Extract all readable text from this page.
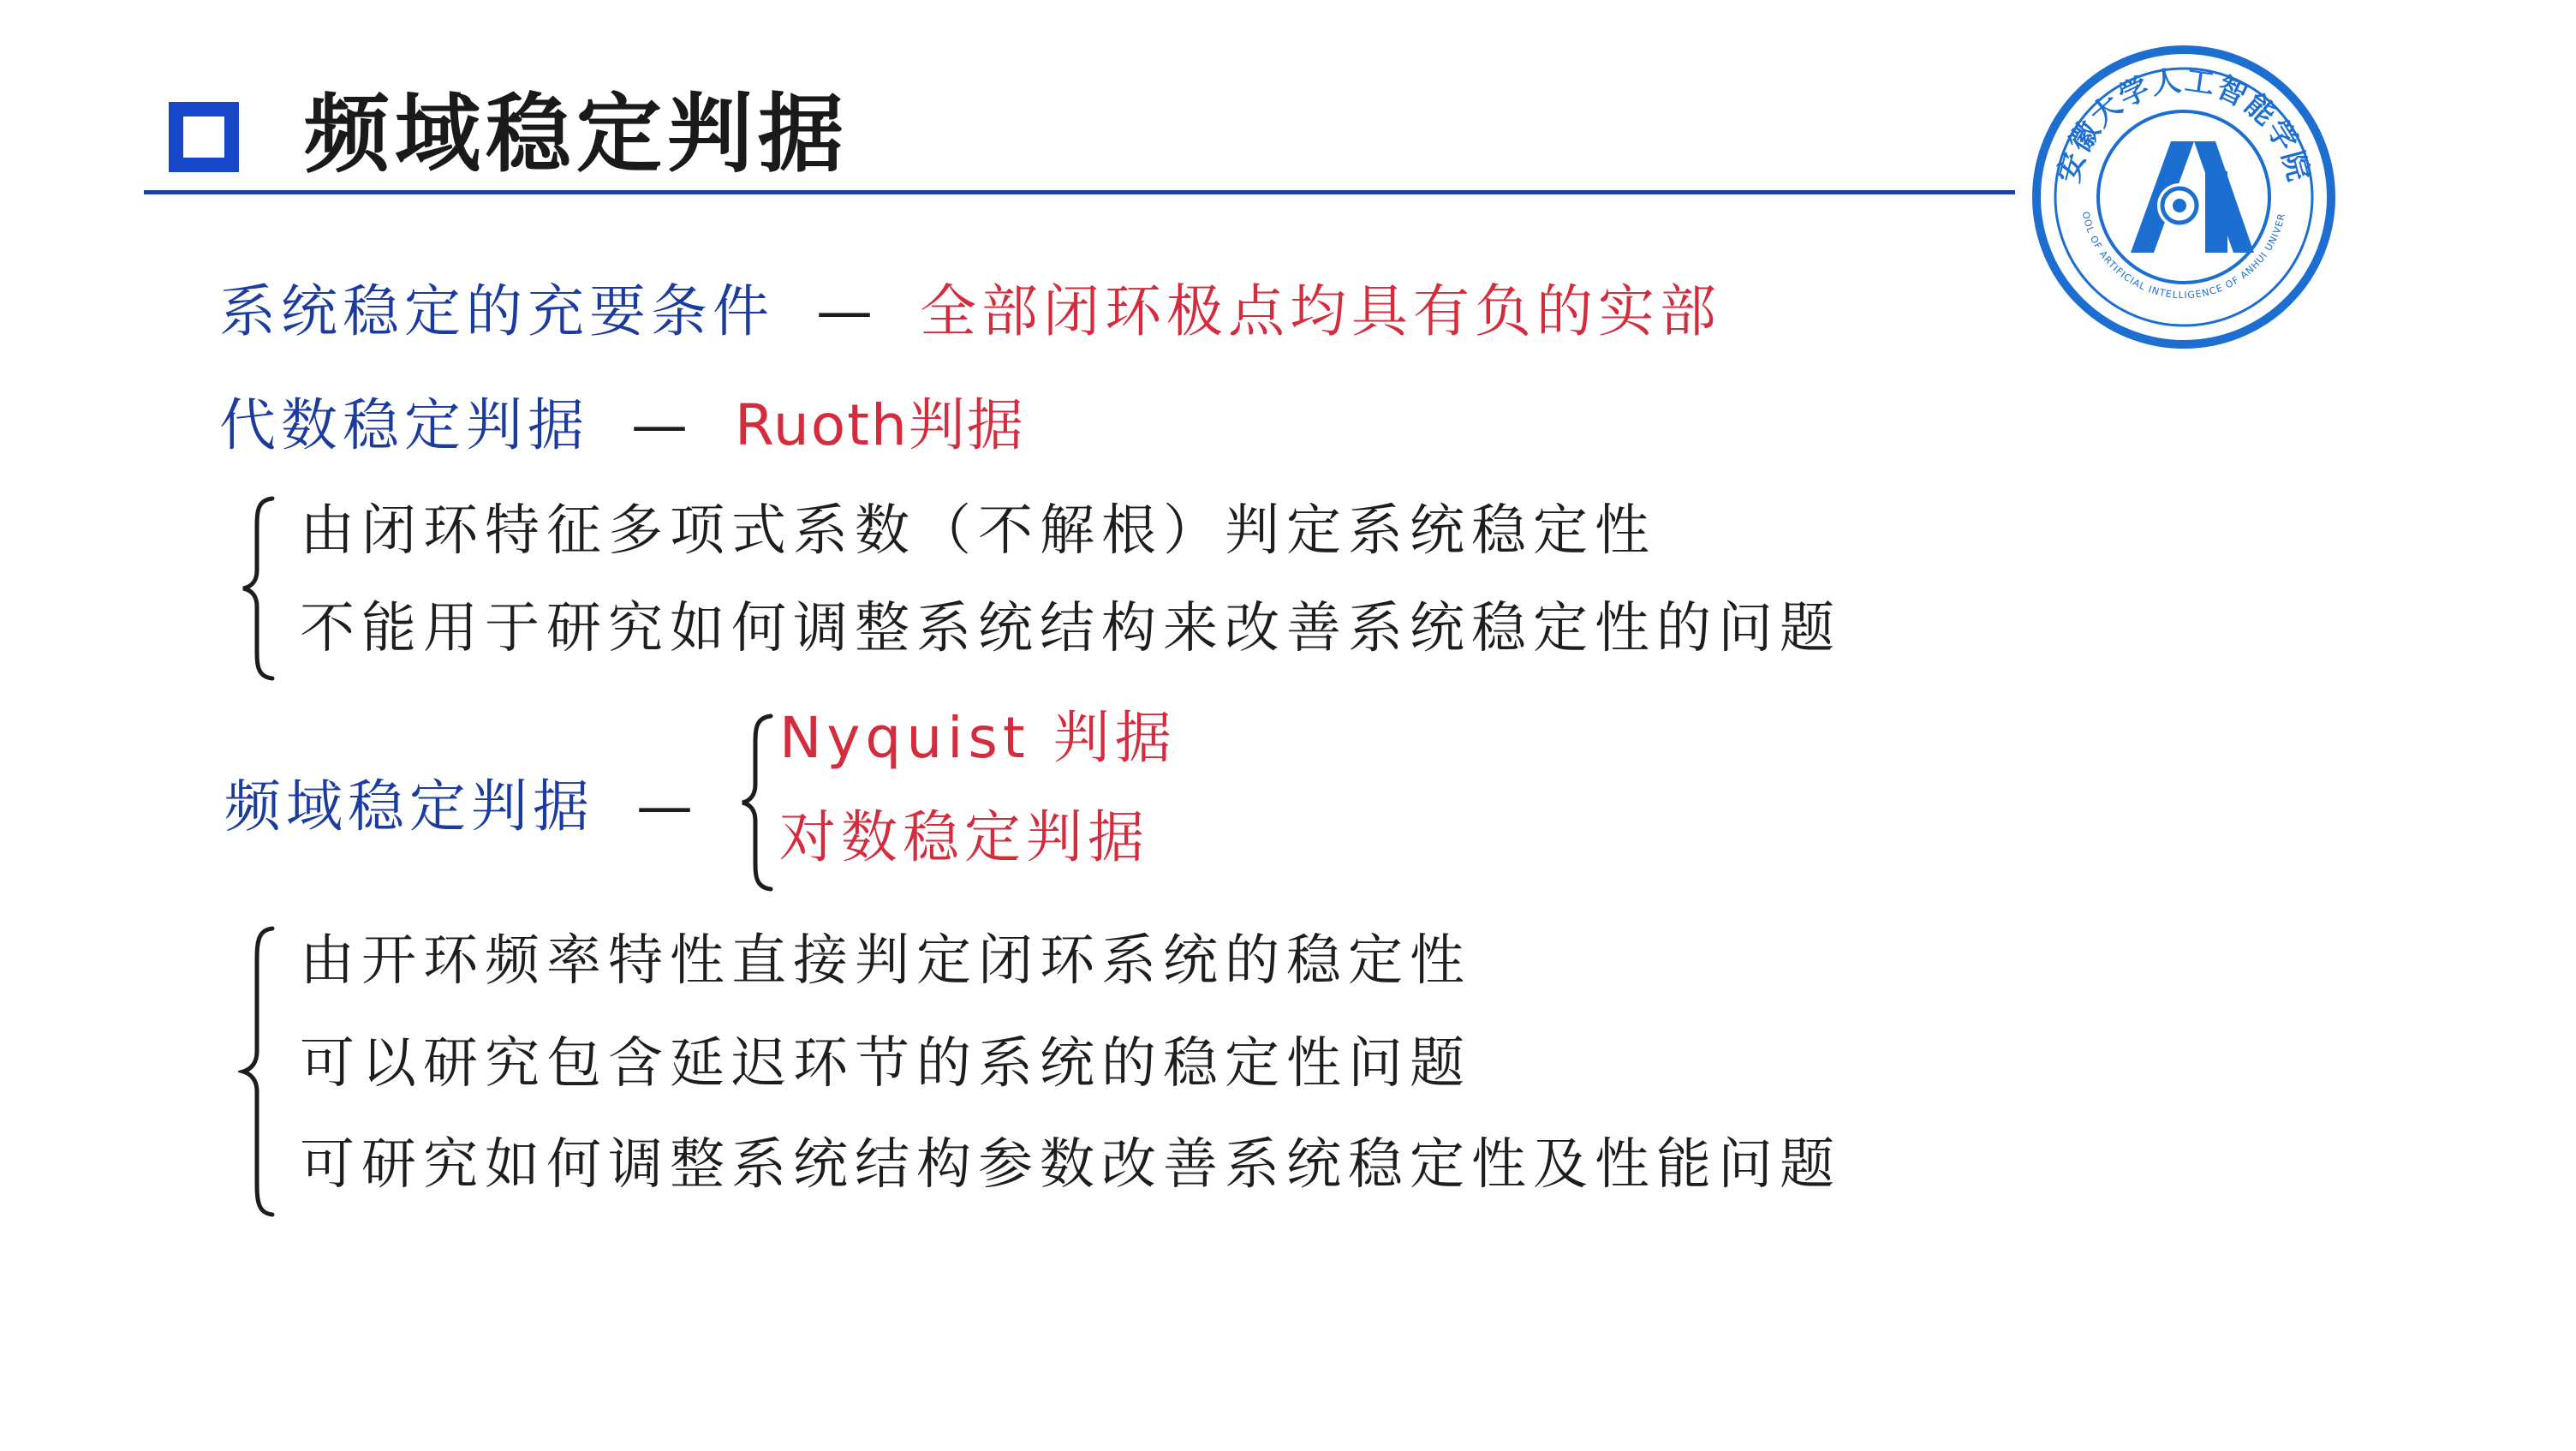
频域稳定判据	安徽大学人工智能学院
OOL OF ARTIFICIAL INTELLIGENCE OF ANHUI UNIVER
系统稳定的充要条件 — 全部闭环极点均具有负的实部
代数稳定判据 — Ruoth判据
由闭环特征多项式系数（不解根）判定系统稳定性
不能用于研究如何调整系统结构来改善系统稳定性的问题
频域稳定判据 —
Nyquist 判据
对数稳定判据
由开环频率特性直接判定闭环系统的稳定性
可以研究包含延迟环节的系统的稳定性问题
可研究如何调整系统结构参数改善系统稳定性及性能问题
